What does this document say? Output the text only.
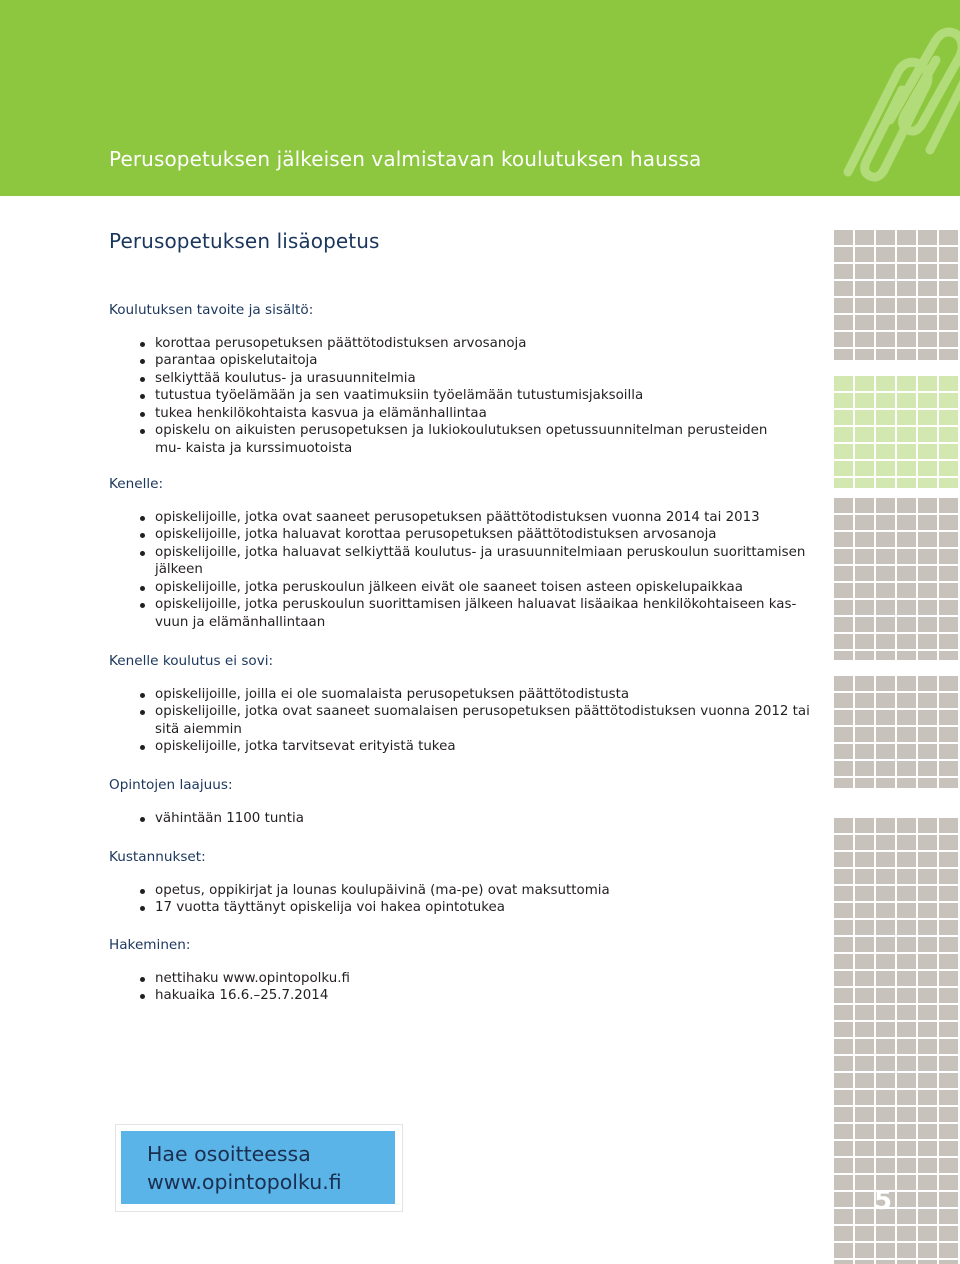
Perusopetuksen jälkeisen valmistavan koulutuksen haussa
Perusopetuksen lisäopetus
Koulutuksen tavoite ja sisältö:
korottaa perusopetuksen päättötodistuksen arvosanoja
parantaa opiskelutaitoja
selkiyttää koulutus- ja urasuunnitelmia
tutustua työelämään ja sen vaatimuksiin työelämään tutustumisjaksoilla
tukea henkilökohtaista kasvua ja elämänhallintaa
opiskelu on aikuisten perusopetuksen ja lukiokoulutuksen opetussuunnitelman perusteiden mu- kaista ja kurssimuotoista
Kenelle:
opiskelijoille, jotka ovat saaneet perusopetuksen päättötodistuksen vuonna 2014 tai 2013
opiskelijoille, jotka haluavat korottaa perusopetuksen päättötodistuksen arvosanoja
opiskelijoille, jotka haluavat selkiyttää koulutus- ja urasuunnitelmiaan peruskoulun suorittamisen jälkeen
opiskelijoille, jotka peruskoulun jälkeen eivät ole saaneet toisen asteen opiskelupaikkaa
opiskelijoille, jotka peruskoulun suorittamisen jälkeen haluavat lisäaikaa henkilökohtaiseen kas- vuun ja elämänhallintaan
Kenelle koulutus ei sovi:
opiskelijoille, joilla ei ole suomalaista perusopetuksen päättötodistusta
opiskelijoille, jotka ovat saaneet suomalaisen perusopetuksen päättötodistuksen vuonna 2012 tai sitä aiemmin
opiskelijoille, jotka tarvitsevat erityistä tukea
Opintojen laajuus:
vähintään 1100 tuntia
Kustannukset:
opetus, oppikirjat ja lounas koulupäivinä (ma-pe) ovat maksuttomia
17 vuotta täyttänyt opiskelija voi hakea opintotukea
Hakeminen:
nettihaku www.opintopolku.fi
hakuaika 16.6.–25.7.2014
Hae osoitteessa
www.opintopolku.fi
5
